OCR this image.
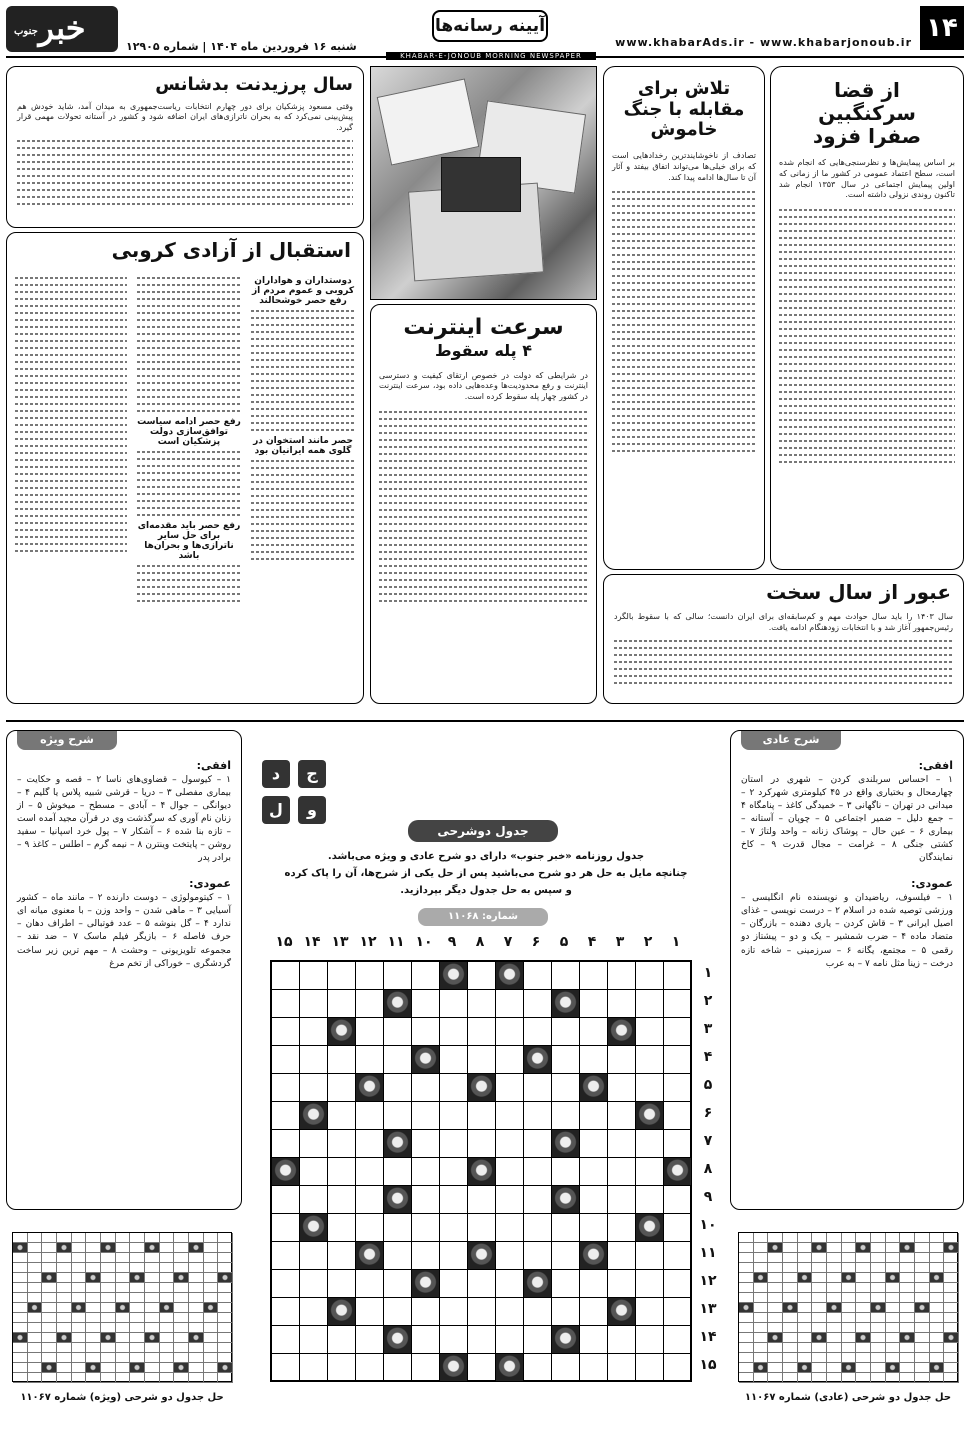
۱۴
www.khabarAds.ir - www.khabarjonoub.ir
آیینه رسانه‌ها
KHABAR-E-JONOUB MORNING NEWSPAPER
شنبه ۱۶ فروردین ماه ۱۴۰۴ | شماره ۱۲۹۰۵
جنوب خبر
از قضا سرکنگبین صفرا فزود
بر اساس پیمایش‌ها و نظرسنجی‌هایی که انجام شده است، سطح اعتماد عمومی در کشور ما از زمانی که اولین پیمایش اجتماعی در سال ۱۳۵۳ انجام شد تاکنون روندی نزولی داشته است.
تلاش برای مقابله با جنگ خاموش
تصادف از ناخوشایندترین رخدادهایی است که برای خیلی‌ها می‌تواند اتفاق بیفتد و آثار آن تا سال‌ها ادامه پیدا کند.
سال پرزیدنت بدشانس
وقتی مسعود پزشکیان برای دور چهارم انتخابات ریاست‌جمهوری به میدان آمد، شاید خودش هم پیش‌بینی نمی‌کرد که به بحران ناترازی‌های ایران اضافه شود و کشور در آستانه تحولات مهمی قرار گیرد.
سرعت اینترنت
۴ پله سقوط
در شرایطی که دولت در خصوص ارتقای کیفیت و دسترسی اینترنت و رفع محدودیت‌ها وعده‌هایی داده بود، سرعت اینترنت در کشور چهار پله سقوط کرده است.
استقبال از آزادی کروبی
دوستداران و هواداران کروبی و عموم مردم از رفع حصر خوشحالند
حصر مانند استخوان در گلوی همه ایرانیان بود
رفع حصر ادامه سیاست توافق‌سازی دولت پزشکیان است
رفع حصر باید مقدمه‌ای برای حل سایر ناترازی‌ها و بحران‌ها باشد
عبور از سال سخت
سال ۱۴۰۳ را باید سال حوادث مهم و کم‌سابقه‌ای برای ایران دانست؛ سالی که با سقوط بالگرد رئیس‌جمهور آغاز شد و با انتخابات زودهنگام ادامه یافت.
شرح ویژه
افقی:
۱ – کیوسول – قضاوی‌های ناسا ۲ – قصه و حکایت – بیماری مفصلی ۳ – دریا – قرشی شبیه پلاس یا گلیم ۴ – دیوانگی – جوال ۴ – آبادی – مسطح – میخوش ۵ – از زنان نام آوری که سرگذشت وی در قرآن مجید آمده است – تازه بنا شده ۶ – آشکار ۷ – پول خرد اسپانیا – سفید روشن – پایتخت وینترن ۸ – نیمه گرم – اطلس – کاغذ ۹ – برادر پدر
عمودی:
۱ – کیتومولوژی – دوست دارنده ۲ – مانند ماه – کشور آسیایی ۳ – ماهی شدن – واحد وزن – با معنوی میانه ای ندارد ۴ – گل بنوشه ۵ – عدد فوتبالی – اطراف دهان – حرف فاصله ۶ – بازیگر فیلم ماسک ۷ – ضد نقد – مجموعه تلویزیونی – وحشت ۸ – مهم ترین زیر ساخت گردشگری – خوراکی از تخم مرغ
شرح عادی
افقی:
۱ – احساس سربلندی کردن – شهری در استان چهارمحال و بختیاری واقع در ۴۵ کیلومتری شهرکرد ۲ – میدانی در تهران – ناگهانی ۳ – خمیدگی کاغذ – پنامگاه ۴ – جمع دلیل – ضمیر اجتماعی ۵ – چوپان – آستانه – بیماری ۶ – عین حال – پوشاک زنانه – واحد ولتاژ ۷ – کشتی جنگی ۸ – غرامت – مجال قدرت ۹ – کاخ نمایندگان
عمودی:
۱ – فیلسوف، ریاضیدان و نویسنده نام انگلیسی – ورزشی توصیه شده در اسلام ۲ – درست نویسی – غذای اصیل ایرانی ۳ – قاش کردن – یاری دهنده – بازرگان – متضاد ماده ۴ – ضرب شمشیر – یک و دو – پیشتاز دو رقمی ۵ – مجتمع، یگانه ۶ – سرزمینی – شاخه تازه درخت – زینا مثل نامه ۷ – به عرب
ج
د
و
ل
جدول دوشرحی
جدول روزنامه «خبر جنوب» دارای دو شرح عادی و ویژه می‌باشد.
چنانچه مایل به حل هر دو شرح می‌باشید پس از حل یکی از شرح‌ها، آن را پاک کرده
و سپس به حل جدول دیگر بپردازید.
شماره: ۱۱۰۶۸
۱
۲
۳
۴
۵
۶
۷
۸
۹
۱۰
۱۱
۱۲
۱۳
۱۴
۱۵
۱
۲
۳
۴
۵
۶
۷
۸
۹
۱۰
۱۱
۱۲
۱۳
۱۴
۱۵
حل جدول دو شرحی (ویژه) شماره ۱۱۰۶۷	حل جدول دو شرحی (عادی) شماره ۱۱۰۶۷
